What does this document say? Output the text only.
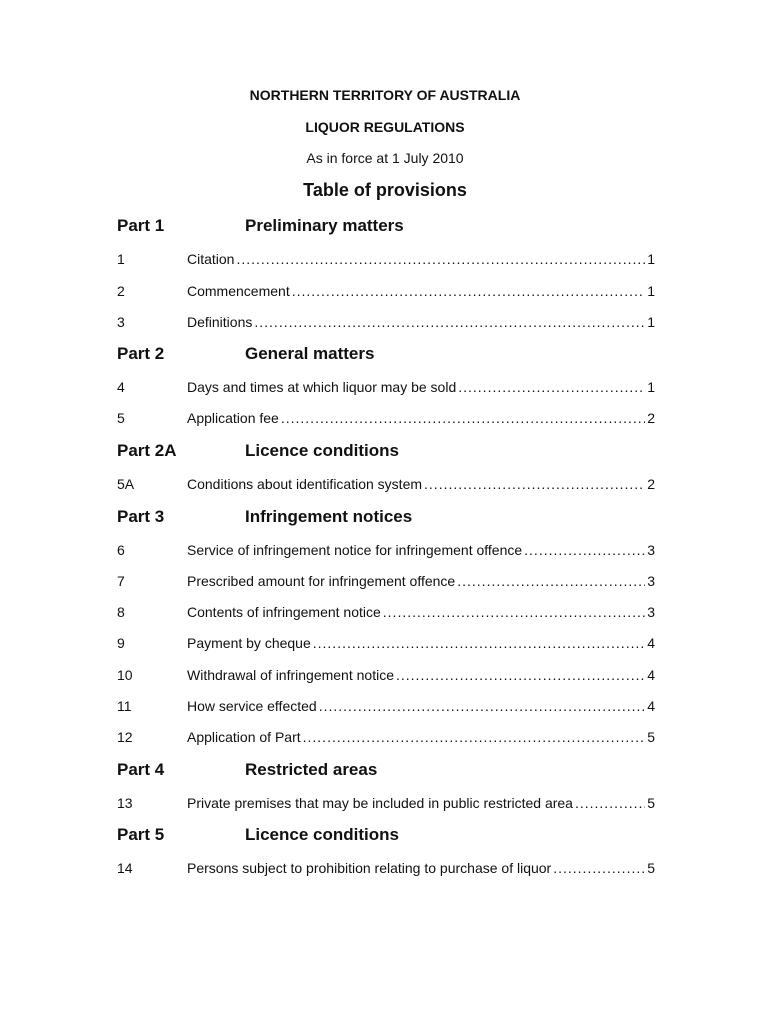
NORTHERN TERRITORY OF AUSTRALIA
LIQUOR REGULATIONS
As in force at 1 July 2010
Table of provisions
Part 1	Preliminary matters
1	Citation .....	1
2	Commencement .....	1
3	Definitions .....	1
Part 2	General matters
4	Days and times at which liquor may be sold .....	1
5	Application fee .....	2
Part 2A	Licence conditions
5A	Conditions about identification system .....	2
Part 3	Infringement notices
6	Service of infringement notice for infringement offence .....	3
7	Prescribed amount for infringement offence .....	3
8	Contents of infringement notice .....	3
9	Payment by cheque .....	4
10	Withdrawal of infringement notice .....	4
11	How service effected .....	4
12	Application of Part .....	5
Part 4	Restricted areas
13	Private premises that may be included in public restricted area .....	5
Part 5	Licence conditions
14	Persons subject to prohibition relating to purchase of liquor .....	5
